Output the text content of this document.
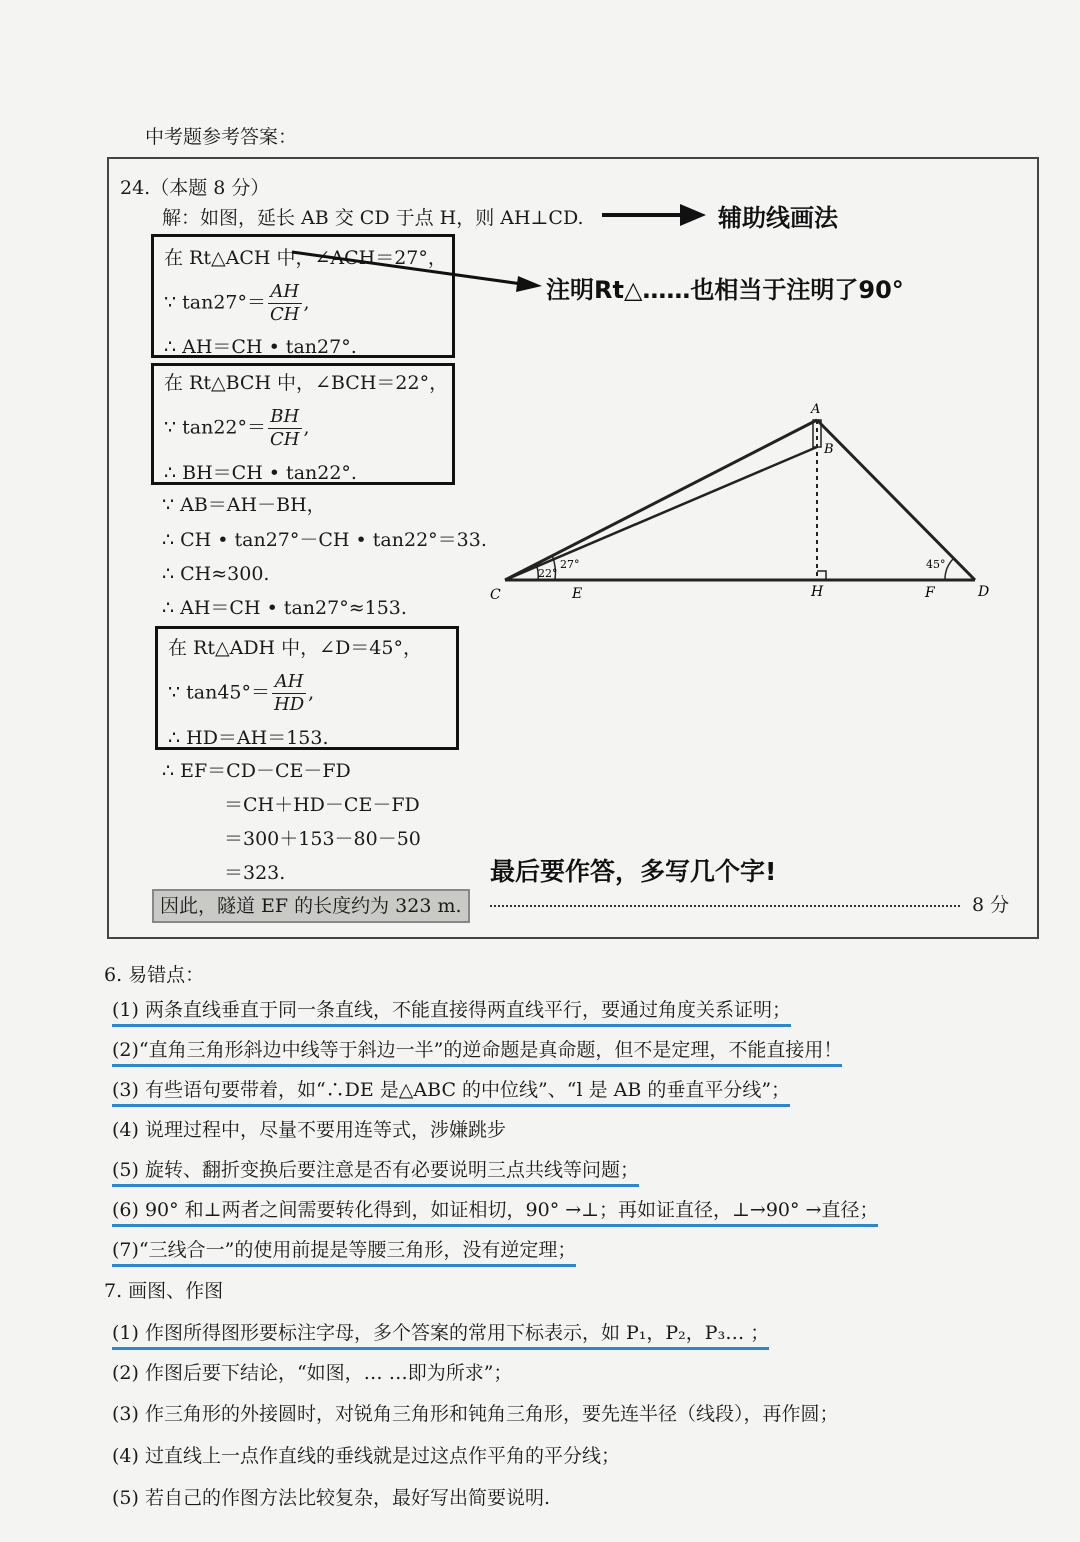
中考题参考答案：
24.（本题 8 分）
解：如图，延长 AB 交 CD 于点 H，则 AH⊥CD.	辅助线画法
在 Rt△ACH 中，∠ACH＝27°，
∵ $\tan 27^\circ= \frac{AH}{CH}$ ,
∴ AH＝CH • tan27°.
注明Rt△……也相当于注明了90°
在 Rt△BCH 中，∠BCH＝22°，
∵ $\tan 22^\circ= \frac{BH}{CH}$ ,
∴ BH＝CH • tan22°.
∵ AB＝AH－BH，
∴ CH • tan27°－CH • tan22°＝33.
∴ CH≈300.
∴ AH＝CH • tan27°≈153.
在 Rt△ADH 中，∠D＝45°，
∵ $\tan 45^\circ= \frac{AH}{HD}$ ,
∴ HD＝AH＝153.
∴ EF＝CD－CE－FD
＝CH＋HD－CE－FD
＝300＋153－80－50
＝323.	最后要作答，多写几个字!
因此，隧道 EF 的长度约为 323 m.	8 分
A
B
C	E	H	F	D
22°
27°	45°
6. 易错点：
(1) 两条直线垂直于同一条直线，不能直接得两直线平行，要通过角度关系证明；
(2)“直角三角形斜边中线等于斜边一半”的逆命题是真命题，但不是定理，不能直接用！
(3) 有些语句要带着，如“∴DE 是△ABC 的中位线”、“l 是 AB 的垂直平分线”；
(4) 说理过程中，尽量不要用连等式，涉嫌跳步
(5) 旋转、翻折变换后要注意是否有必要说明三点共线等问题；
(6) 90° 和⊥两者之间需要转化得到，如证相切，90° →⊥；再如证直径，⊥→90° →直径；
(7)“三线合一”的使用前提是等腰三角形，没有逆定理；
7. 画图、作图
(1) 作图所得图形要标注字母，多个答案的常用下标表示，如 P₁，P₂，P₃… ；
(2) 作图后要下结论，“如图，… …即为所求”；
(3) 作三角形的外接圆时，对锐角三角形和钝角三角形，要先连半径（线段），再作圆；
(4) 过直线上一点作直线的垂线就是过这点作平角的平分线；
(5) 若自己的作图方法比较复杂，最好写出简要说明.
